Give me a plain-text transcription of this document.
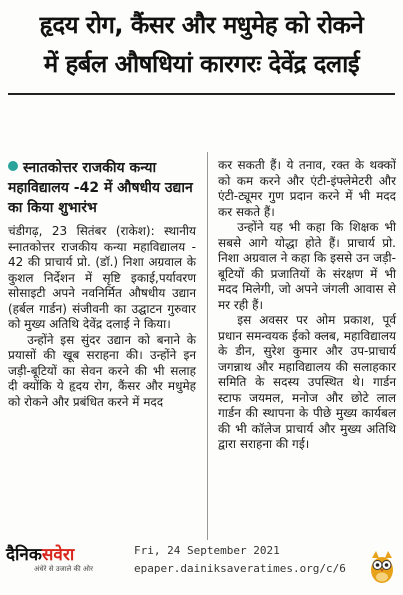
हृदय रोग, कैंसर और मधुमेह को रोकने
में हर्बल औषधियां कारगरः देवेंद्र दलाई
स्नातकोत्तर राजकीय कन्या महाविद्यालय -42 में औषधीय उद्यान का किया शुभारंभ

चंडीगढ़, 23 सितंबर (राकेश): स्थानीय स्नातकोत्तर राजकीय कन्या महाविद्यालय - 42 की प्राचार्य प्रो. (डॉ.) निशा अग्रवाल के कुशल निर्देशन में सृष्टि इकाई,पर्यावरण सोसाइटी अपने नवनिर्मित औषधीय उद्यान (हर्बल गार्डन) संजीवनी का उद्घाटन गुरुवार को मुख्य अतिथि देवेंद्र दलाई ने किया।

उन्होंने इस सुंदर उद्यान को बनाने के प्रयासों की खूब सराहना की। उन्होंने इन जड़ी-बूटियों का सेवन करने की भी सलाह दी क्योंकि ये हृदय रोग, कैंसर और मधुमेह को रोकने और प्रबंधित करने में मदद

कर सकती हैं। ये तनाव, रक्त के थक्कों को कम करने और एंटी-इंफ्लेमेटरी और एंटी-ट्यूमर गुण प्रदान करने में भी मदद कर सकते हैं।

उन्होंने यह भी कहा कि शिक्षक भी सबसे आगे योद्धा होते हैं। प्राचार्य प्रो. निशा अग्रवाल ने कहा कि इससे उन जड़ी-बूटियों की प्रजातियों के संरक्षण में भी मदद मिलेगी, जो अपने जंगली आवास से मर रही हैं।

इस अवसर पर ओम प्रकाश, पूर्व प्रधान समन्वयक ईको क्लब, महाविद्यालय के डीन, सुरेश कुमार और उप-प्राचार्य जगन्नाथ और महाविद्यालय की सलाहकार समिति के सदस्य उपस्थित थे। गार्डन स्टाफ जयमल, मनोज और छोटे लाल गार्डन की स्थापना के पीछे मुख्य कार्यबल की भी कॉलेज प्राचार्य और मुख्य अतिथि द्वारा सराहना की गई।

दैनिकसवेरा
अंधेरे से उजाले की ओर
Fri, 24 September 2021
epaper.dainiksaveratimes.org/c/6
